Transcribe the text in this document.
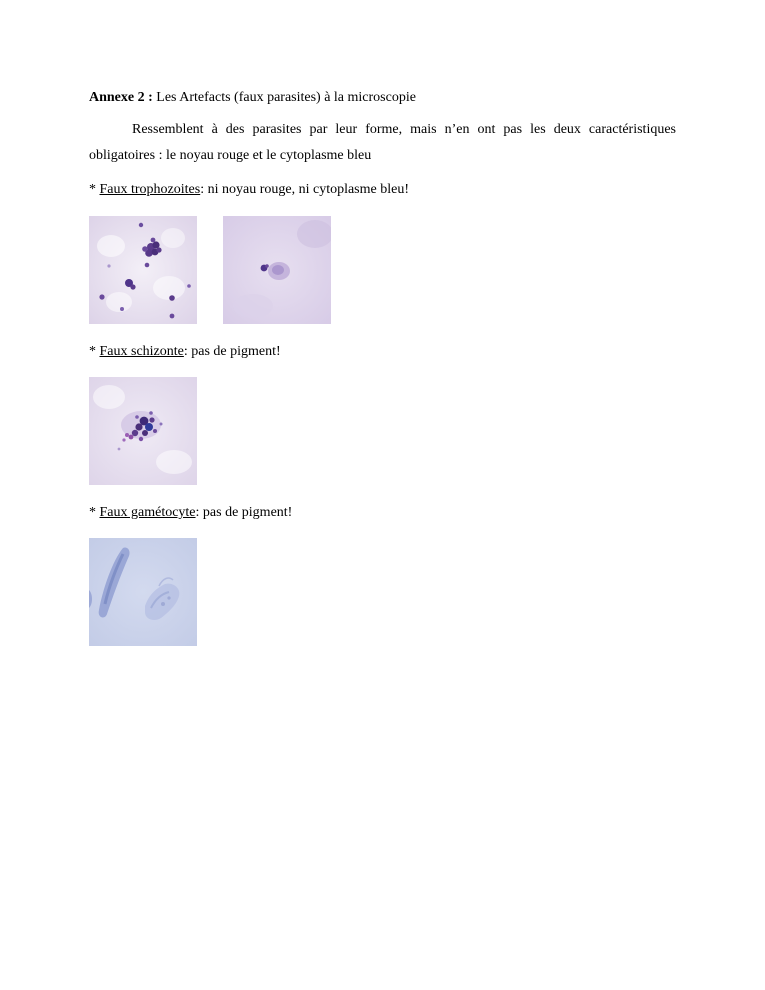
Annexe 2 : Les Artefacts (faux parasites) à la microscopie

Ressemblent à des parasites par leur forme, mais n’en ont pas les deux caractéristiques obligatoires : le noyau rouge et le cytoplasme bleu

* Faux trophozoites: ni noyau rouge, ni cytoplasme bleu!
* Faux schizonte: pas de pigment!
* Faux gamétocyte: pas de pigment!
